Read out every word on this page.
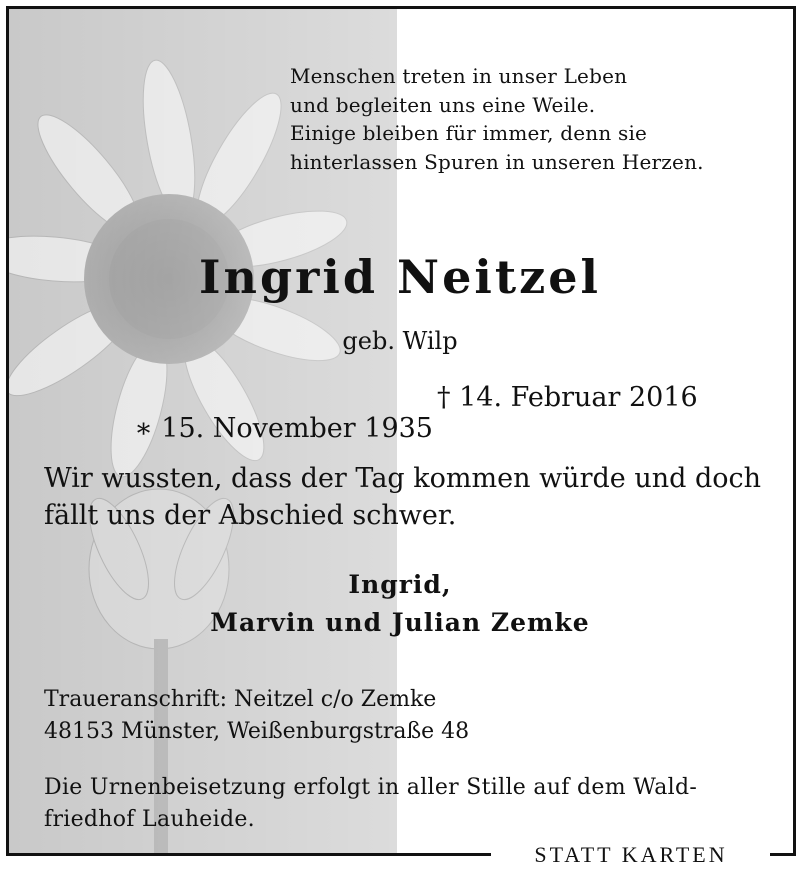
Menschen treten in unser Leben
und begleiten uns eine Weile.
Einige bleiben für immer, denn sie
hinterlassen Spuren in unseren Herzen.
Ingrid Neitzel
geb. Wilp

∗ 15. November 1935

† 14. Februar 2016

Wir wussten, dass der Tag kommen würde und doch
fällt uns der Abschied schwer.
Ingrid,
Marvin und Julian Zemke
Traueranschrift: Neitzel c/o Zemke
48153 Münster, Weißenburgstraße 48
Die Urnenbeisetzung erfolgt in aller Stille auf dem Wald-
friedhof Lauheide.
STATT KARTEN
